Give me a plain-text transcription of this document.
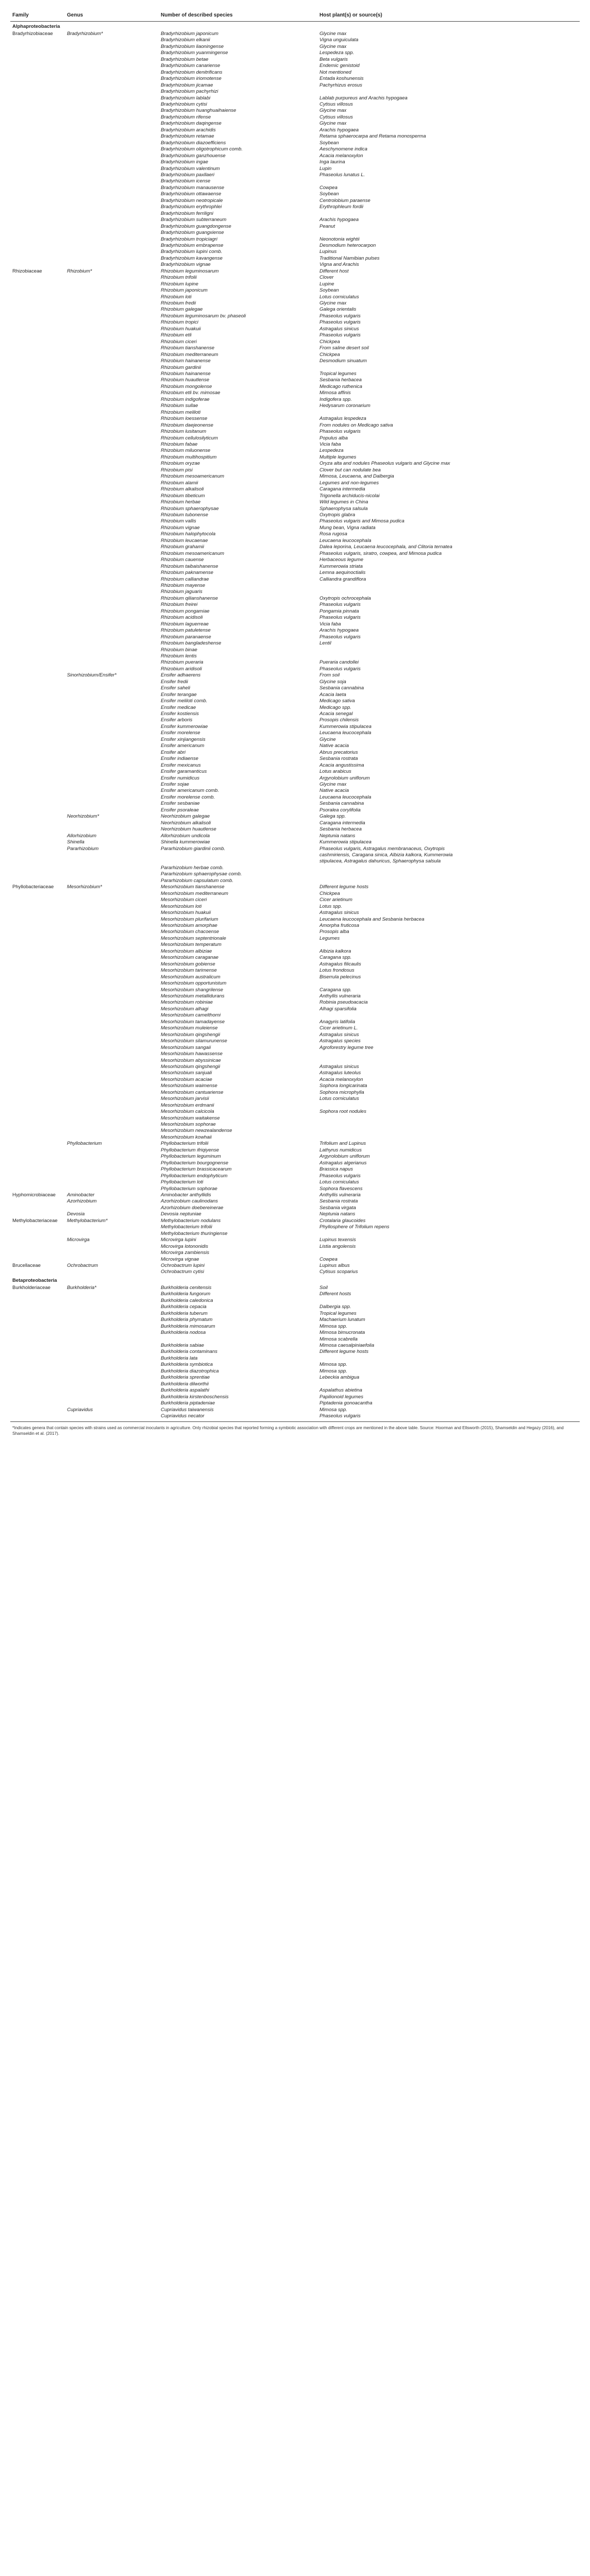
Family	Genus	Number of described species	Host plant(s) or source(s)
Alphaproteobacteria			
Bradyrhizobiaceae	Bradyrhizobium*	Bradyrhizobium japonicum	Glycine max
		Bradyrhizobium elkanii	Vigna unguiculata
		Bradyrhizobium liaoningense	Glycine max
		Bradyrhizobium yuanmingense	Lespedeza spp.
		Bradyrhizobium betae	Beta vulgaris
		Bradyrhizobium canariense	Endemic genistoid
		Bradyrhizobium denitrificans	Not mentioned
		Bradyrhizobium iriomotense	Entada koshunensis
		Bradyrhizobium jicamae	Pachyrhizus erosus
		Bradyrhizobium pachyrhizi	
		Bradyrhizobium lablabi	Lablab purpureus and Arachis hypogaea
		Bradyrhizobium cytisi	Cytisus villosus
		Bradyrhizobium huanghuaihaiense	Glycine max
		Bradyrhizobium rifense	Cytisus villosus
		Bradyrhizobium daqingense	Glycine max
		Bradyrhizobium arachidis	Arachis hypogaea
		Bradyrhizobium retamae	Retama sphaerocarpa and Retama monosperma
		Bradyrhizobium diazoefficiens	Soybean
		Bradyrhizobium oligotrophicum comb.	Aeschynomene indica
		Bradyrhizobium ganzhouense	Acacia melanoxylon
		Bradyrhizobium ingae	Inga laurina
		Bradyrhizobium valentinum	Lupin
		Bradyrhizobium paxllaeri	Phaseolus lunatus L.
		Bradyrhizobium icense	
		Bradyrhizobium manausense	Cowpea
		Bradyrhizobium ottawaense	Soybean
		Bradyrhizobium neotropicale	Centrolobium paraense
		Bradyrhizobium erythrophlei	Erythrophleum fordii
		Bradyrhizobium ferriligni	
		Bradyrhizobium subterraneum	Arachis hypogaea
		Bradyrhizobium guangdongense	Peanut
		Bradyrhizobium guangxiense	
		Bradyrhizobium tropiciagri	Neonotonia wightii
		Bradyrhizobium embrapense	Desmodium heterocarpon
		Bradyrhizobium lupini comb.	Lupinus
		Bradyrhizobium kavangense	Traditional Namibian pulses
		Bradyrhizobium vignae	Vigna and Arachis
Rhizobiaceae	Rhizobium*	Rhizobium leguminosarum	Different host
		Rhizobium trifolii	Clover
		Rhizobium lupine	Lupine
		Rhizobium japonicum	Soybean
		Rhizobium loti	Lotus corniculatus
		Rhizobium fredii	Glycine max
		Rhizobium galegae	Galega orientalis
		Rhizobium leguminosarum bv. phaseoli	Phaseolus vulgaris
		Rhizobium tropici	Phaseolus vulgaris
		Rhizobium huakuii	Astragalus sinicus
		Rhizobium etli	Phaseolus vulgaris
		Rhizobium ciceri	Chickpea
		Rhizobium tianshanense	From saline desert soil
		Rhizobium mediterraneum	Chickpea
		Rhizobium hainanense	Desmodium sinuatum
		Rhizobium gardinii	
		Rhizobium hainanense	Tropical legumes
		Rhizobium huautlense	Sesbania herbacea
		Rhizobium mongolense	Medicago ruthenica
		Rhizobium etli bv. mimosae	Mimosa affinis
		Rhizobium indigoferae	Indigofera spp.
		Rhizobium sullae	Hedysarum coronarium
		Rhizobium meliloti	
		Rhizobium loessense	Astragalus lespedeza
		Rhizobium daejeonense	From nodules on Medicago sativa
		Rhizobium lusitanum	Phaseolus vulgaris
		Rhizobium cellulosilyticum	Populus alba
		Rhizobium fabae	Vicia faba
		Rhizobium miluonense	Lespedeza
		Rhizobium multihospitium	Multiple legumes
		Rhizobium oryzae	Oryza alta and nodules Phaseolus vulgaris and Glycine max
		Rhizobium pisi	Clover but can nodulate bea
		Rhizobium mesoamericanum	Mimosa, Leucaena, and Dalbergia
		Rhizobium alamii	Legumes and non-legumes
		Rhizobium alkalisoli	Caragana intermedia
		Rhizobium tibeticum	Trigonella archiducis-nicolai
		Rhizobium herbae	Wild legumes in China
		Rhizobium sphaerophysae	Sphaerophysa salsula
		Rhizobium tubonense	Oxytropis glabra
		Rhizobium vallis	Phaseolus vulgaris and Mimosa pudica
		Rhizobium vignae	Mung bean, Vigna radiata
		Rhizobium halophytocola	Rosa rugosa
		Rhizobium leucaenae	Leucaena leucocephala
		Rhizobium grahamii	Dalea leporina, Leucaena leucocephala, and Clitoria ternatea
		Rhizobium mesoamericanum	Phaseolus vulgaris, siratro, cowpea, and Mimosa pudica
		Rhizobium cauense	Herbaceous legume
		Rhizobium taibaishanense	Kummerowia striata
		Rhizobium paknamense	Lemna aequinoctialis
		Rhizobium calliandrae	Calliandra grandiflora
		Rhizobium mayense	
		Rhizobium jaguaris	
		Rhizobium qilianshanense	Oxytropis ochrocephala
		Rhizobium freirei	Phaseolus vulgaris
		Rhizobium pongamiae	Pongamia pinnata
		Rhizobium acidisoli	Phaseolus vulgaris
		Rhizobium laguerreae	Vicia faba
		Rhizobium patuletense	Arachis hypogaea
		Rhizobium paranaense	Phaseolus vulgaris
		Rhizobium bangladeshense	Lentil
		Rhizobium binae	
		Rhizobium lentis	
		Rhizobium pueraria	Pueraria candollei
		Rhizobium aridisoli	Phaseolus vulgaris
	Sinorhizobium/Ensifer*	Ensifer adhaerens	From soil
		Ensifer fredii	Glycine soja
		Ensifer saheli	Sesbania cannabina
		Ensifer terangae	Acacia laeta
		Ensifer meliloti comb.	Medicago sativa
		Ensifer medicae	Medicago spp.
		Ensifer kostiensis	Acacia senegal
		Ensifer arboris	Prosopis chilensis
		Ensifer kummerowiae	Kummerowia stipulacea
		Ensifer morelense	Leucaena leucocephala
		Ensifer xinjiangensis	Glycine
		Ensifer americanum	Native acacia
		Ensifer abri	Abrus precatorius
		Ensifer indiaense	Sesbania rostrata
		Ensifer mexicanus	Acacia angustissima
		Ensifer garamanticus	Lotus arabicus
		Ensifer numidicus	Argyrolobium uniflorum
		Ensifer sojae	Glycine max
		Ensifer americanum comb.	Native acacia
		Ensifer morelense comb.	Leucaena leucocephala
		Ensifer sesbaniae	Sesbania cannabina
		Ensifer psoraleae	Psoralea corylifolia
	Neorhizobium*	Neorhizobium galegae	Galega spp.
		Neorhizobium alkalisoli	Caragana intermedia
		Neorhizobium huautlense	Sesbania herbacea
	Allorhizobium	Allorhizobium undicola	Neptunia natans
	Shinella	Shinella kummerowiae	Kummerowia stipulacea
	Pararhizobium	Pararhizobium giardinii comb.	Phaseolus vulgaris, Astragalus membranaceus, Oxytropis
			cashmiriensis, Caragana sinica, Albizia kalkora, Kummerowia
			stipulacea, Astragalus dahuricus, Sphaerophysa salsula
		Pararhizobium herbae comb.	
		Pararhizobium sphaerophysae comb.	
		Pararhizobium capsulatum comb.	
Phyllobacteriaceae	Mesorhizobium*	Mesorhizobium tianshanense	Different legume hosts
		Mesorhizobium mediterraneum	Chickpea
		Mesorhizobium ciceri	Cicer arietinum
		Mesorhizobium loti	Lotus spp.
		Mesorhizobium huakuii	Astragalus sinicus
		Mesorhizobium plurifarium	Leucaena leucocephala and Sesbania herbacea
		Mesorhizobium amorphae	Amorpha fruticosa
		Mesorhizobium chacoense	Prosopis alba
		Mesorhizobium septentrionale	Legumes
		Mesorhizobium temperatum	
		Mesorhizobium albiziae	Albizia kalkora
		Mesorhizobium caraganae	Caragana spp.
		Mesorhizobium gobiense	Astragalus filicaulis
		Mesorhizobium tarimense	Lotus frondosus
		Mesorhizobium australicum	Biserrula pelecinus
		Mesorhizobium opportunistum	
		Mesorhizobium shangrilense	Caragana spp.
		Mesorhizobium metallidurans	Anthyllis vulneraria
		Mesorhizobium robiniae	Robinia pseudoacacia
		Mesorhizobium alhagi	Alhagi sparsifolia
		Mesorhizobium camelthorni	
		Mesorhizobium tamadayense	Anagyris latifolia
		Mesorhizobium muleiense	Cicer arietinum L.
		Mesorhizobium qingshengii	Astragalus sinicus
		Mesorhizobium silamurunense	Astragalus species
		Mesorhizobium sangaii	Agroforestry legume tree
		Mesorhizobium hawassense	
		Mesorhizobium abyssinicae	
		Mesorhizobium qingshengii	Astragalus sinicus
		Mesorhizobium sanjuali	Astragalus luteolus
		Mesorhizobium acaciae	Acacia melanoxylon
		Mesorhizobium waimense	Sophora longicarinata
		Mesorhizobium cantuariense	Sophora microphylla
		Mesorhizobium jarvisii	Lotus corniculatus
		Mesorhizobium erdmanii	
		Mesorhizobium calcicola	Sophora root nodules
		Mesorhizobium waitakense	
		Mesorhizobium sophorae	
		Mesorhizobium newzealandense	
		Mesorhizobium kowhaii	
	Phyllobacterium	Phyllobacterium trifolii	Trifolium and Lupinus
		Phyllobacterium ifriqiyense	Lathyrus numidicus
		Phyllobacterium leguminum	Argyrolobium uniflorum
		Phyllobacterium bourgognense	Astragalus algerianus
		Phyllobacterium brassicacearum	Brassica napus
		Phyllobacterium endophyticum	Phaseolus vulgaris
		Phyllobacterium loti	Lotus corniculatus
		Phyllobacterium sophorae	Sophora flavescens
Hyphomicrobiaceae	Aminobacter	Aminobacter anthyllidis	Anthyllis vulneraria
	Azorhizobium	Azorhizobium caulinodans	Sesbania rostrata
		Azorhizobium doebereinerae	Sesbania virgata
	Devosia	Devosia neptuniae	Neptunia natans
Methylobacteriaceae	Methylobacterium*	Methylobacterium nodulans	Crotalaria glaucoides
		Methylobacterium trifolii	Phyllosphere of Trifolium repens
		Methylobacterium thuringiense	
	Microvirga	Microvirga lupini	Lupinus texensis
		Microvirga lotononidis	Listia angolensis
		Microvirga zambiensis	
		Microvirga vignae	Cowpea
Brucellaceae	Ochrobactrum	Ochrobactrum lupini	Lupinus albus
		Ochrobactrum cytisi	Cytisus scoparius
Betaproteobacteria			
Burkholderiaceae	Burkholderia*	Burkholderia cenitensis	Soil
		Burkholderia fungorum	Different hosts
		Burkholderia caledonica	
		Burkholderia cepacia	Dalbergia spp.
		Burkholderia tuberum	Tropical legumes
		Burkholderia phymatum	Machaerium lunatum
		Burkholderia mimosarum	Mimosa spp.
		Burkholderia nodosa	Mimosa bimucronata
			Mimosa scabrella
		Burkholderia sabiae	Mimosa caesalpiniaefolia
		Burkholderia contaminans	Different legume hosts
		Burkholderia lata	
		Burkholderia symbiotica	Mimosa spp.
		Burkholderia diazotrophica	Mimosa spp.
		Burkholderia sprentiae	Lebeckia ambigua
		Burkholderia dilworthii	
		Burkholderia aspalathi	Aspalathus abietina
		Burkholderia kirstenboschensis	Papilionoid legumes
		Burkholderia piptadeniae	Piptadenia gonoacantha
	Cupriavidus	Cupriavidus taiwanensis	Mimosa spp.
		Cupriavidus necator	Phaseolus vulgaris
*Indicates genera that contain species with strains used as commercial inoculants in agriculture. Only rhizobial species that reported forming a symbiotic association with different crops are mentioned in the above table. Source: Hoorman and Ellsworth (2015), Shamseldin and Hegazy (2016), and Shamseldin et al. (2017).
